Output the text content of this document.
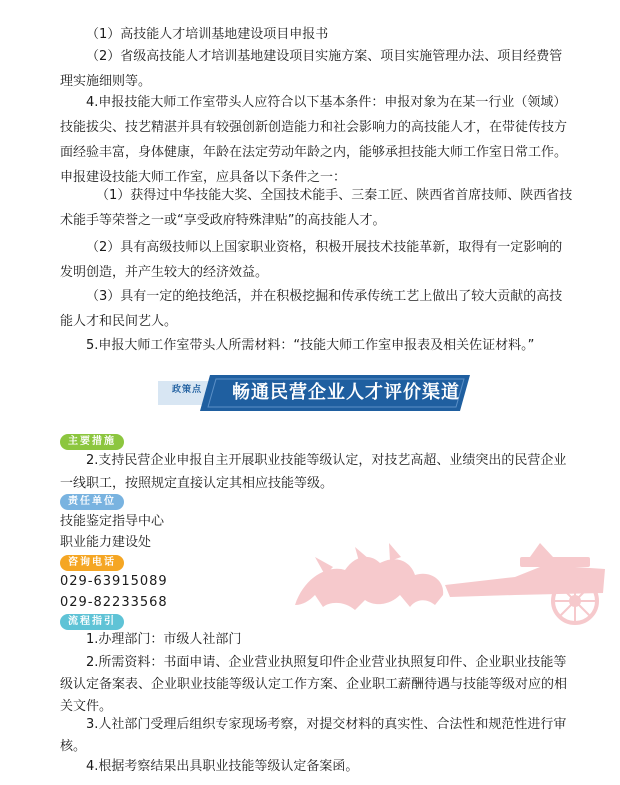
（1）高技能人才培训基地建设项目申报书

（2）省级高技能人才培训基地建设项目实施方案、项目实施管理办法、项目经费管理实施细则等。

4.申报技能大师工作室带头人应符合以下基本条件：申报对象为在某一行业（领域）技能拔尖、技艺精湛并具有较强创新创造能力和社会影响力的高技能人才，在带徒传技方面经验丰富，身体健康，年龄在法定劳动年龄之内，能够承担技能大师工作室日常工作。申报建设技能大师工作室，应具备以下条件之一：

（1）获得过中华技能大奖、全国技术能手、三秦工匠、陕西省首席技师、陕西省技术能手等荣誉之一或“享受政府特殊津贴”的高技能人才。

（2）具有高级技师以上国家职业资格，积极开展技术技能革新，取得有一定影响的发明创造，并产生较大的经济效益。

（3）具有一定的绝技绝活，并在积极挖掘和传承传统工艺上做出了较大贡献的高技能人才和民间艺人。

5.申报大师工作室带头人所需材料：“技能大师工作室申报表及相关佐证材料。”

政策点 畅通民营企业人才评价渠道
主要措施

2.支持民营企业申报自主开展职业技能等级认定，对技艺高超、业绩突出的民营企业一线职工，按照规定直接认定其相应技能等级。

责任单位

技能鉴定指导中心

职业能力建设处

咨询电话

029-63915089

029-82233568

流程指引

1.办理部门：市级人社部门

2.所需资料：书面申请、企业营业执照复印件企业营业执照复印件、企业职业技能等级认定备案表、企业职业技能等级认定工作方案、企业职工薪酬待遇与技能等级对应的相关文件。

3.人社部门受理后组织专家现场考察，对提交材料的真实性、合法性和规范性进行审核。

4.根据考察结果出具职业技能等级认定备案函。
